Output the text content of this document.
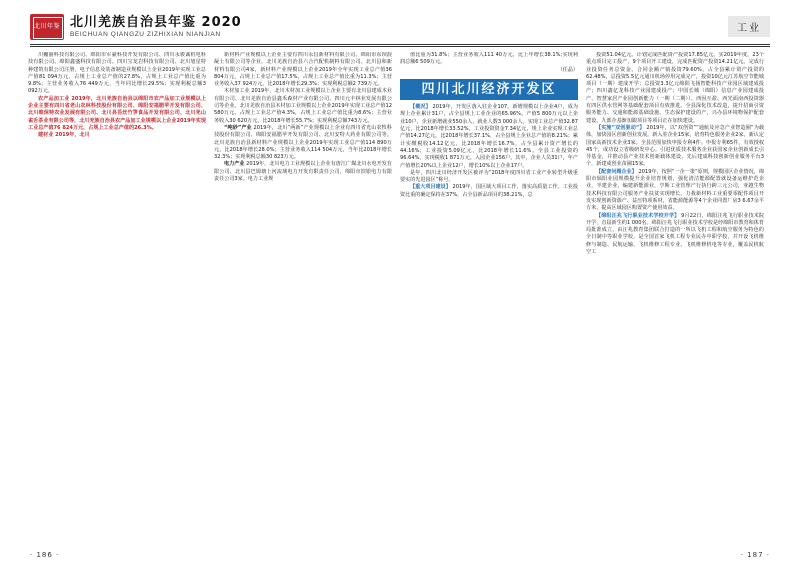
北川年鉴 北川羌族自治县年鉴 2020
BEICHUAN QIANGZU ZIZHIXIAN NIANJIAN
工业

川巍丽科技有限公司、绵阳市军豪科技开发有限公司、四川永骏诚机电科技有限公司、绵阳鑫盛科技有限公司。四川宝龙岩科技有限公司、北川旭星特种建筑有限公司注册，电子信息及装备制造业规模以上企业2019年实现工业总产值81 094万元，占规上工业总产值的27.8%，占规上工业总产值比重为9.8%；主营业务收入76 449万元，当年同比增长29.5%；实现利税总额3 092万元。

农产品加工业 2019年，北川羌族自治县以绵阳市农产品加工业规模以上企业主要有四川省老山农林科技股份有限公司、绵阳安福腊苹开发有限公司、北川维保特农业发展有限公司、北川县苔丝竹笋食品开发有限公司、北川羌山雀舌茶业有限公司等，北川羌族自治县农产品加工业规模以上企业2019年实现工业总产值76 824万元，占规上工业总产值的26.3%。

建材业 2019年，北川

新材料产业规模以上企业主要有四川永昌新材料有限公司、绵阳市东坝混凝土有限公司等企业，北川羌族自治县六合汽配机制料有限公司。北川县和新材料有限公司4家，新材料产业规模以上企业2019年全年实现工业总产值36 804万元，占规上工业总产值17.5%，占规上工业总产值比重为11.3%；主营业务收入37 924万元，比2018年增长29.3%；实现利税总额2 739万元。

木材加工业 2019年，北川木材加工业规模以上企业主要有北川县建成木业有限公司、北川羌族自治县鑫禾森材产业有限公司、四川元丰林业发展有限公司等企业。北川羌族自治县木材加工业规模以上企业2019年实现工业总产值12 580万元，占规上工业总产值4.3%，占规上工业总产值比重为8.6%；主营业务收入30 620万元，比2018年增长55.7%；实现利税总额743万元。

“吨砂”产业 2019年，北川“两新”产业规模以上企业有四川省光山农牧科技股份有限公司、绵阳安福腊苹开发有限公司、北川安特大药业有限公司等。北川羌族自治县新材料产业规模以上企业2019年实现工业总产值114 890万元，比2018年增长28.0%；主营业务收入114 504万元，当年比2018年增长32.3%；实现利税总额30 823万元。

电力产业 2019年，北川电力工业规模以上企业有唐江广煤北川水电开发有限公司、北川县巴姆塘上河流域电力开发有限责任公司，绵阳市滨银电力有限责任公司3家。电力工业规

值比重为31.8%；主营业务收入111 40万元，比上年增长38.1%;实现利润总额6 509万元。

（任晶）

四川北川经济开发区

【概况】 2019年，开发区落入驻企业107。新增规模以上企业4户，成为规上企业累计31户，占全县规上工业企业的65.96%。产值5 800万元以上企业10户，企业新增就业550余人，就业人数3 000余人。实现工业总产值32.87亿元，比2018年增长33.52%，工业投资资金7.34亿元，规上企业实现工业总产值14.27亿元，比2018年增长37.1%，占全县规上企业总产值的8.21%；累计实缴税收14.12亿元，比2018年增长16.7%，占全县累计资产增长的44.16%；工业投资5.09亿元，比2018年增长11.6%。全县工业投资的96.64%，实现税收1 871万元。入园企业156户，其中，企业人员31户，年产产值增长20%以上企业12户，增长10%以上企业17户。

是年，四川北川经济开发区被评为“2018年度四川省工业产业转型升级重要实的先进园区”称号。

【重大项目建设】 2019年，国区域大项目工作，落实高质量工作。工业投资比重的确定保持在37%，占全县新品项目的38.21%，总

投资51.04亿元。计划完成匹配资产投资17.85亿元。实2019年度，23个重点项目完工投产，9个项目开工建设，完成匹配资产投资14.21亿元。完成行业投资任务总资金、合同金额产销投资79.60%，占全县累计资产投资的62.48%，总投资5.5亿元通川机场停用完成完产，投资10亿元江苏航空节能城项目（一期）建成开学；总投资3.3亿元绵阳飞扬智能科技产业园区域建成投产；四川鑫亿龙科技产业园建成投产；中国长城（绵阳）信息产业园建成投产、智慧家居产业园创新能力（一期（二期））、西因互盈、西光面南西投资器有四区供水管网等基础配套项目有效推进。全县深化技术改造，提升招商引资服务能力、交通和能源基础设施、生态保护建设的产，兴办县环境物保护配套建设、九部企基渐加跟项目等项目正在加快建设。

【实施“双创驱动”】 2019年，以“双创资”“通航及应急产业智造圈”为载体，加快园区创新创业发展。新入驻企业15家，培育特色服务企业2家，新认定国家高新技术企业3家。全县范围加快申报专利4件。申报专利65件，有效授权45个，成功设立省级研发中心。引进优质技术服务企业获国家企业创新成长引导基金，并推动县产业技术创新载体建设、先后建成科技创新创业服务平台3个，新建成创业苗圃15家。

【配套问题企业】 2019年，按照“一企一策”原则，规模园区企业情况，绵阳市颁阳业园规模提升企业培育规划，强化清洁能源配置就设备运维护范企业，半建企业，编建新能源业，亨斯工业管理产行执行跨三元公司，亚越生物技术科技有限公司服务产业扶贫实现增长，力我新材料工业重要零配件项目开发实现创新资源产、益压特项系材，省能源能源等4个企业同置厂房3 6.67余平方米，提高区域园区购置资产使用效益。

【绵阳汪兆飞行职业技术学校开学】 9月22日，绵阳汪兆飞行职业技术院开学，首届新生约1 000名。绵阳汪兆飞行职业技术学校是经绵阳市教育和体育局批准成立，由汪兆教育集团联合打造的一所以飞机工程和航空服务为特色的全日制中等职业学校，是全国首家飞机工程专业民办中职学校，并开设飞机维修与制造、民航运输、飞机维修工程专业、飞机维修机电等专业，覆盖民机航空工

· 186 ·	· 187 ·
